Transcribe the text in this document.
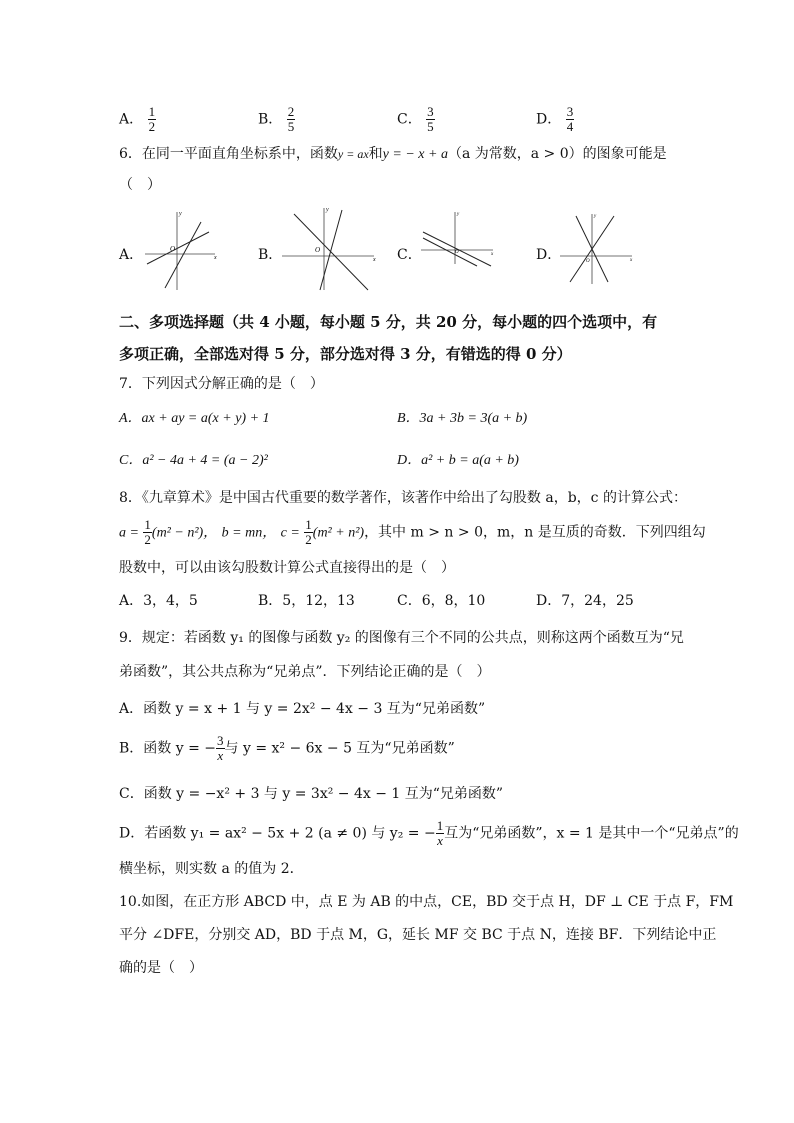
A． $\frac{1}{2}$	B． $\frac{2}{5}$	C． $\frac{3}{5}$	D． $\frac{3}{4}$
6．在同一平面直角坐标系中，函数y = ax和y = − x + a（a 为常数，a > 0）的图象可能是
（　）
A．	B．	C．	D．
x
y
O
x
y
O
x
y
O
x
y
O
二、多项选择题（共 4 小题，每小题 5 分，共 20 分，每小题的四个选项中，有
多项正确，全部选对得 5 分，部分选对得 3 分，有错选的得 0 分）
7．下列因式分解正确的是（　）
A．ax + ay = a(x + y) + 1	B．3a + 3b = 3(a + b)
C．a² − 4a + 4 = (a − 2)²	D．a² + b = a(a + b)
8．《九章算术》是中国古代重要的数学著作，该著作中给出了勾股数 a，b，c 的计算公式：
$a = \frac{1}{2} (m^2 - n^2)$， b = mn， $c = \frac{1}{2} (m^2 + n^2)$，其中 m > n > 0，m，n 是互质的奇数．下列四组勾
股数中，可以由该勾股数计算公式直接得出的是（　）
A．3，4，5	B．5，12，13	C．6，8，10	D．7，24，25
9．规定：若函数 y₁ 的图像与函数 y₂ 的图像有三个不同的公共点，则称这两个函数互为“兄
弟函数”，其公共点称为“兄弟点”．下列结论正确的是（　）
A．函数 y = x + 1 与 y = 2x² − 4x − 3 互为“兄弟函数”
B．函数 y = − $\frac{3}{x}$ 与 y = x² − 6x − 5 互为“兄弟函数”
C．函数 y = −x² + 3 与 y = 3x² − 4x − 1 互为“兄弟函数”
D．若函数 y₁ = ax² − 5x + 2 (a ≠ 0) 与 y₂ = − $\frac{1}{x}$ 互为“兄弟函数”，x = 1 是其中一个“兄弟点”的
横坐标，则实数 a 的值为 2．
10.如图，在正方形 ABCD 中，点 E 为 AB 的中点，CE，BD 交于点 H，DF ⊥ CE 于点 F，FM
平分 ∠DFE，分别交 AD，BD 于点 M，G，延长 MF 交 BC 于点 N，连接 BF．下列结论中正
确的是（　）
